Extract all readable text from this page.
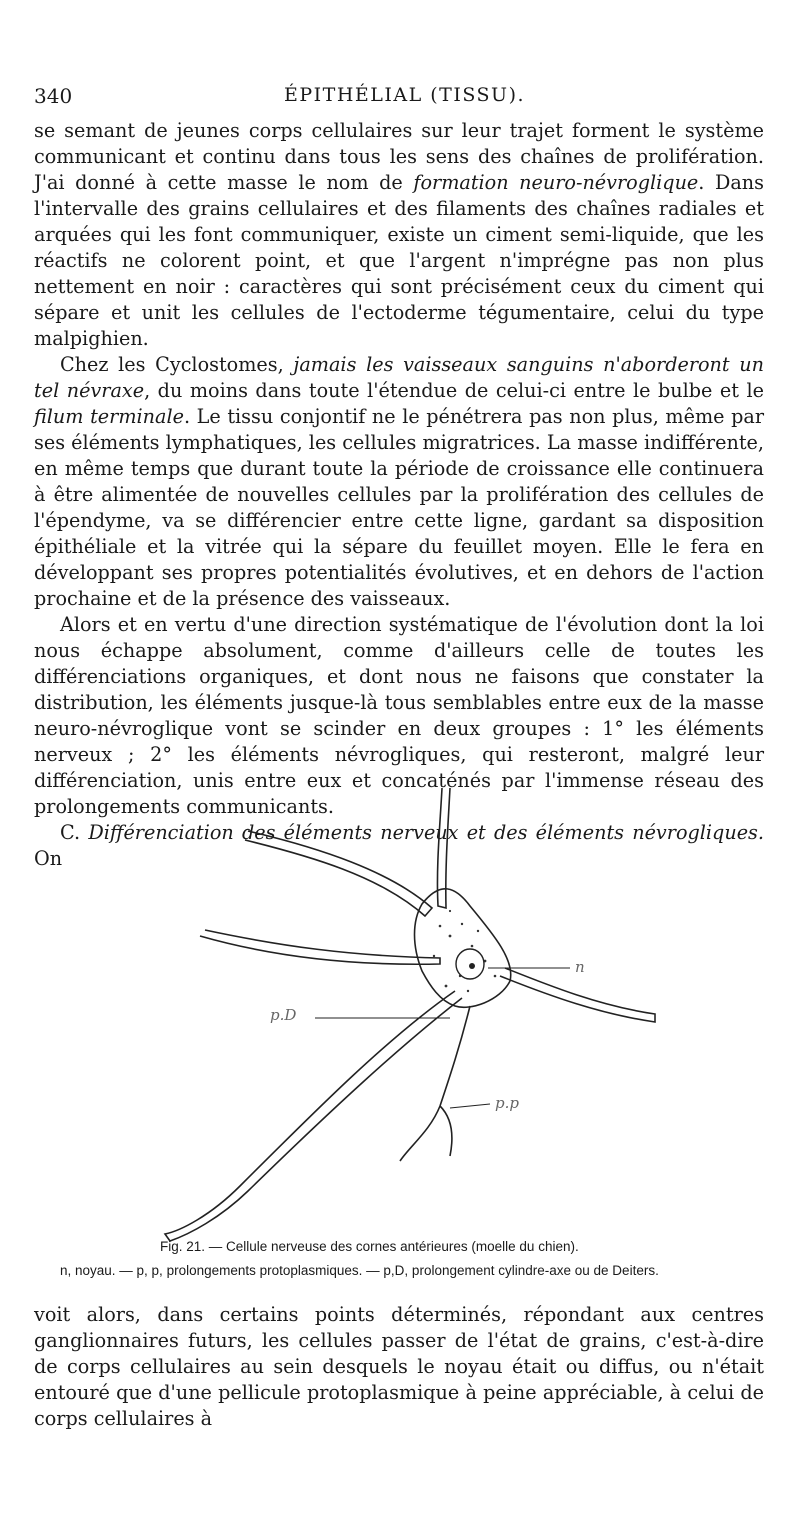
340	ÉPITHÉLIAL (TISSU).

se semant de jeunes corps cellulaires sur leur trajet forment le système communicant et continu dans tous les sens des chaînes de prolifération. J'ai donné à cette masse le nom de formation neuro-névroglique. Dans l'intervalle des grains cellulaires et des filaments des chaînes radiales et arquées qui les font communiquer, existe un ciment semi-liquide, que les réactifs ne colorent point, et que l'argent n'imprégne pas non plus nettement en noir : caractères qui sont précisément ceux du ciment qui sépare et unit les cellules de l'ectoderme tégumentaire, celui du type malpighien.

Chez les Cyclostomes, jamais les vaisseaux sanguins n'aborderont un tel névraxe, du moins dans toute l'étendue de celui-ci entre le bulbe et le filum terminale. Le tissu conjontif ne le pénétrera pas non plus, même par ses éléments lymphatiques, les cellules migratrices. La masse indifférente, en même temps que durant toute la période de croissance elle continuera à être alimentée de nouvelles cellules par la prolifération des cellules de l'épendyme, va se différencier entre cette ligne, gardant sa disposition épithéliale et la vitrée qui la sépare du feuillet moyen. Elle le fera en développant ses propres potentialités évolutives, et en dehors de l'action prochaine et de la présence des vaisseaux.

Alors et en vertu d'une direction systématique de l'évolution dont la loi nous échappe absolument, comme d'ailleurs celle de toutes les différenciations organiques, et dont nous ne faisons que constater la distribution, les éléments jusque-là tous semblables entre eux de la masse neuro-névroglique vont se scinder en deux groupes : 1° les éléments nerveux ; 2° les éléments névrogliques, qui resteront, malgré leur différenciation, unis entre eux et concaténés par l'immense réseau des prolongements communicants.

C. Différenciation des éléments nerveux et des éléments névrogliques. On

n
p.D
p.p
Fig. 21. — Cellule nerveuse des cornes antérieures (moelle du chien).
n, noyau. — p, p, prolongements protoplasmiques. — p,D, prolongement cylindre-axe ou de Deiters.

voit alors, dans certains points déterminés, répondant aux centres ganglionnaires futurs, les cellules passer de l'état de grains, c'est-à-dire de corps cellulaires au sein desquels le noyau était ou diffus, ou n'était entouré que d'une pellicule protoplasmique à peine appréciable, à celui de corps cellulaires à
